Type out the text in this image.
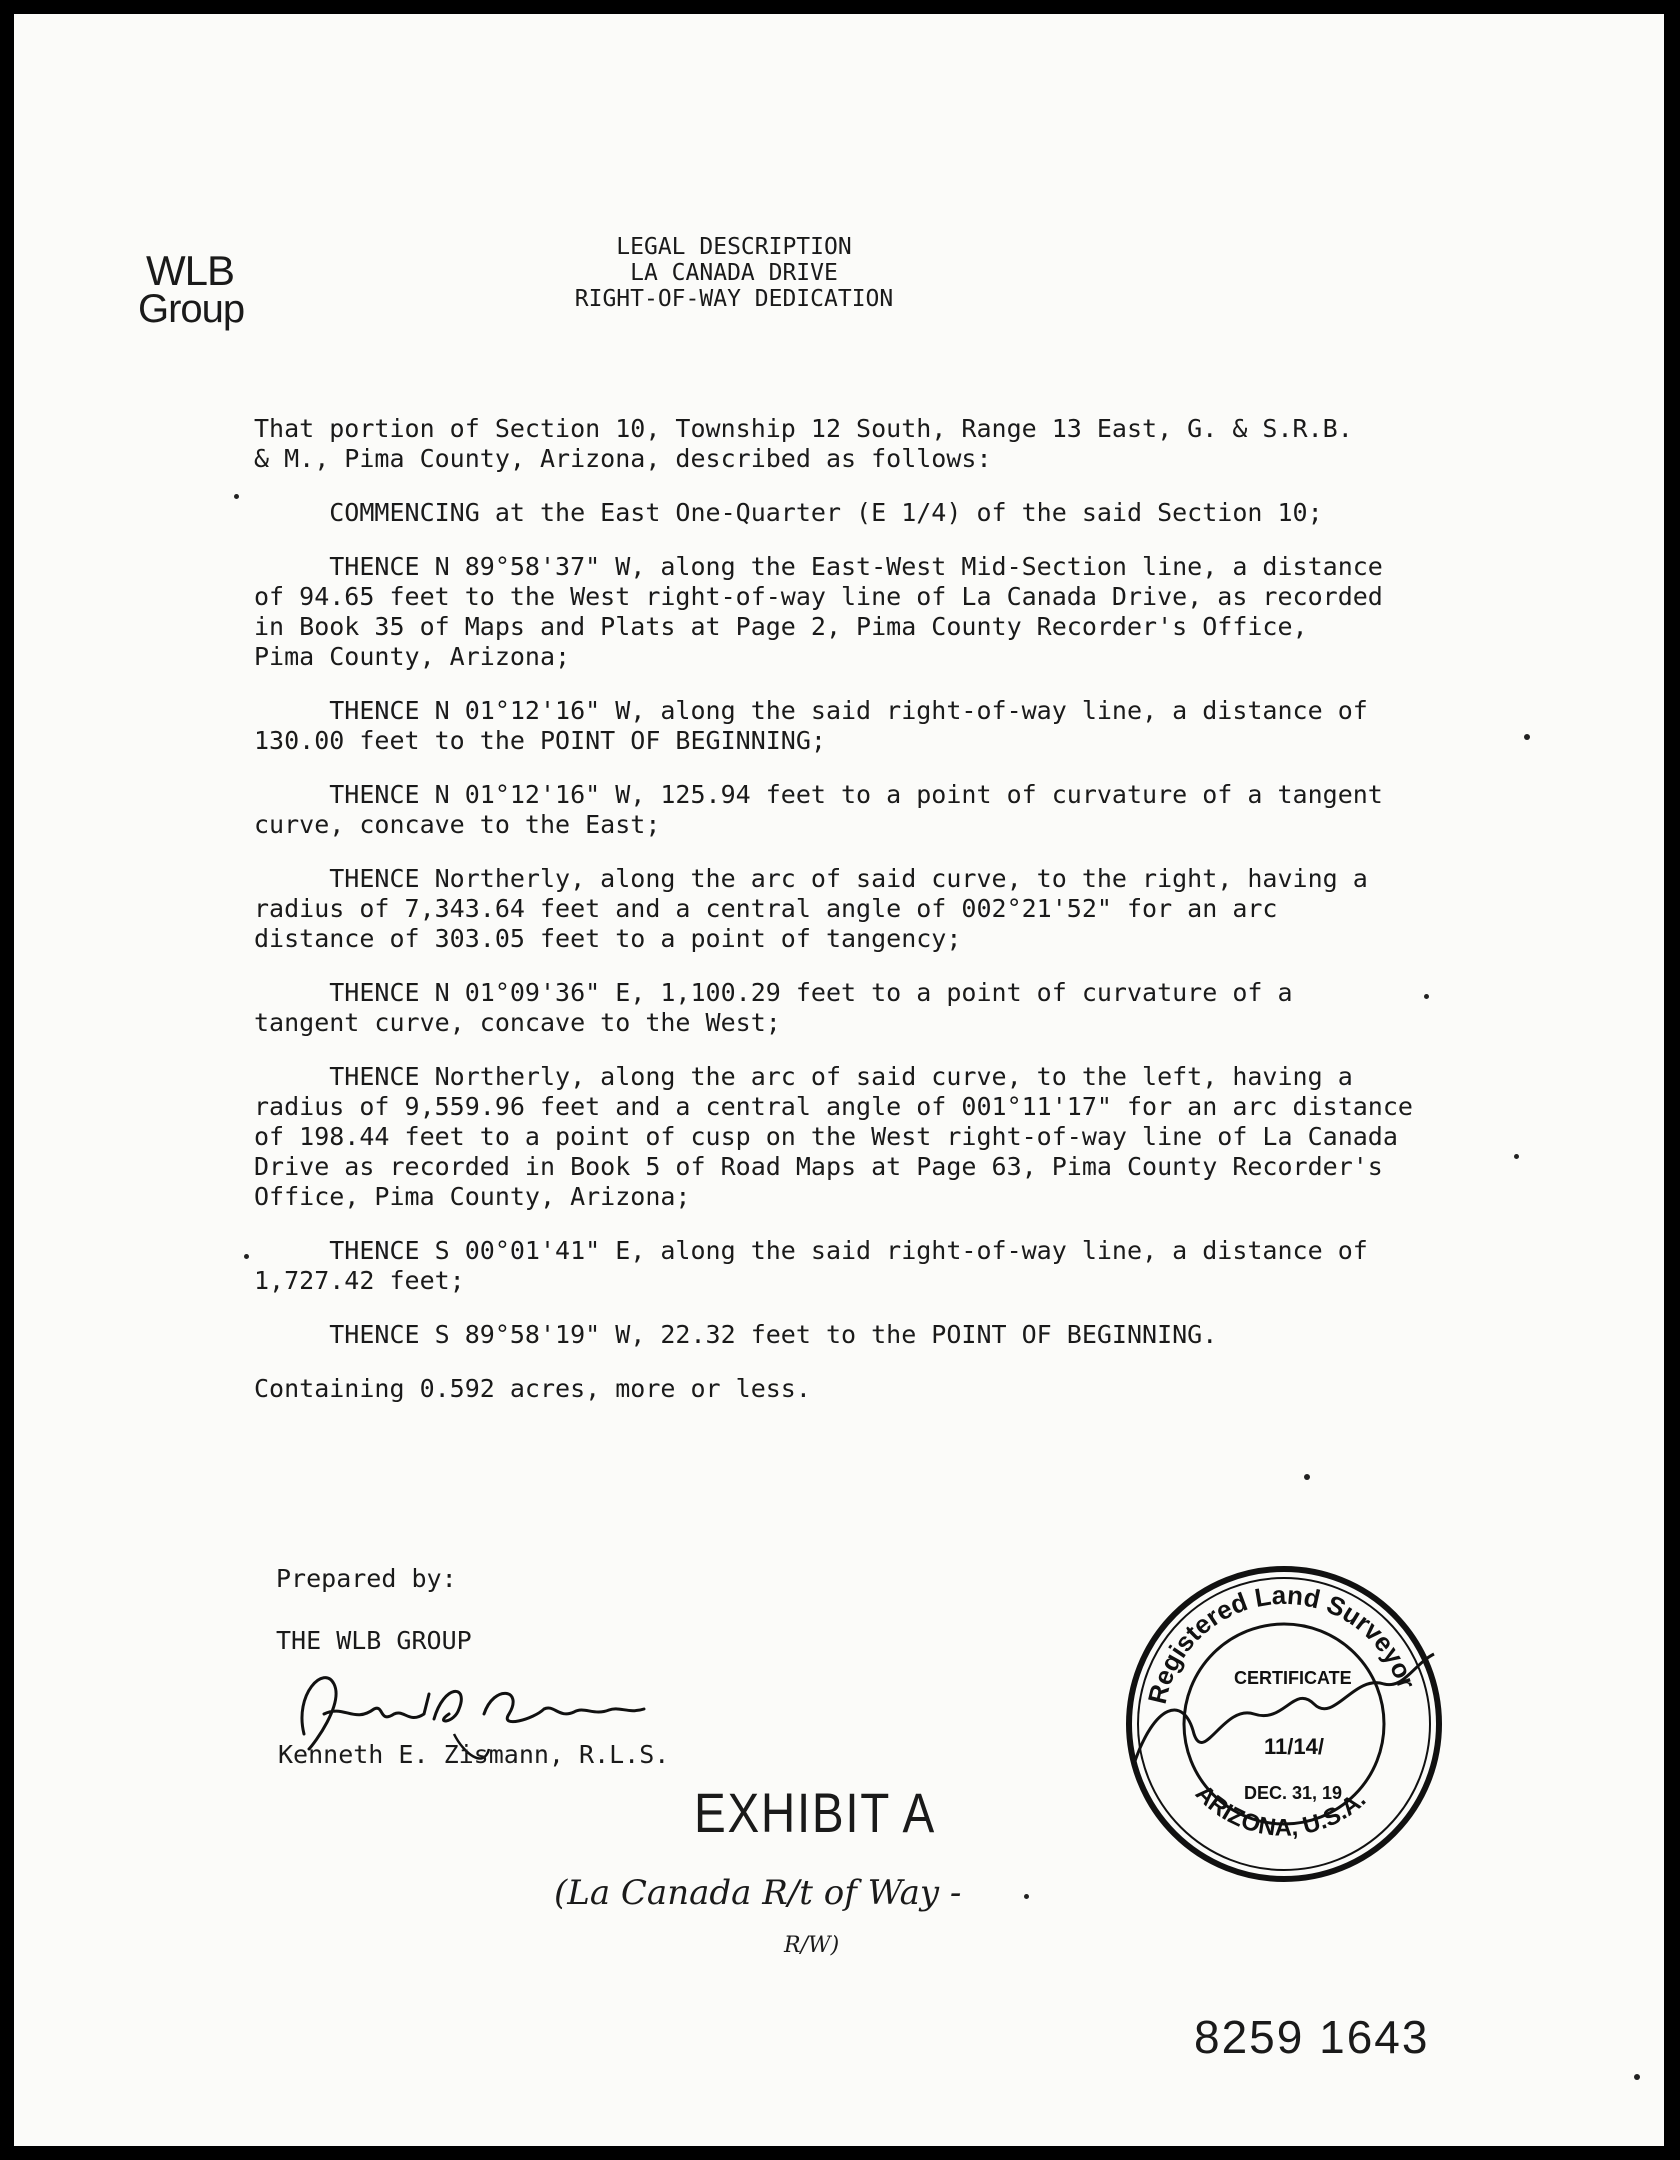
WLB
Group
LEGAL DESCRIPTION
LA CANADA DRIVE
RIGHT-OF-WAY DEDICATION
That portion of Section 10, Township 12 South, Range 13 East, G. & S.R.B.
& M., Pima County, Arizona, described as follows:
COMMENCING at the East One-Quarter (E 1/4) of the said Section 10;
THENCE N 89°58'37" W, along the East-West Mid-Section line, a distance
of 94.65 feet to the West right-of-way line of La Canada Drive, as recorded
in Book 35 of Maps and Plats at Page 2, Pima County Recorder's Office,
Pima County, Arizona;
THENCE N 01°12'16" W, along the said right-of-way line, a distance of
130.00 feet to the POINT OF BEGINNING;
THENCE N 01°12'16" W, 125.94 feet to a point of curvature of a tangent
curve, concave to the East;
THENCE Northerly, along the arc of said curve, to the right, having a
radius of 7,343.64 feet and a central angle of 002°21'52" for an arc
distance of 303.05 feet to a point of tangency;
THENCE N 01°09'36" E, 1,100.29 feet to a point of curvature of a
tangent curve, concave to the West;
THENCE Northerly, along the arc of said curve, to the left, having a
radius of 9,559.96 feet and a central angle of 001°11'17" for an arc distance
of 198.44 feet to a point of cusp on the West right-of-way line of La Canada
Drive as recorded in Book 5 of Road Maps at Page 63, Pima County Recorder's
Office, Pima County, Arizona;
THENCE S 00°01'41" E, along the said right-of-way line, a distance of
1,727.42 feet;
THENCE S 89°58'19" W, 22.32 feet to the POINT OF BEGINNING.
Containing 0.592 acres, more or less.
Prepared by:
THE WLB GROUP
Kenneth E. Zismann, R.L.S.
EXHIBIT A
(La Canada R/t of Way -
R/W)
Registered Land Surveyor
ARIZONA, U.S.A.
CERTIFICATE
11/14/
DEC. 31, 19
8259 1643
